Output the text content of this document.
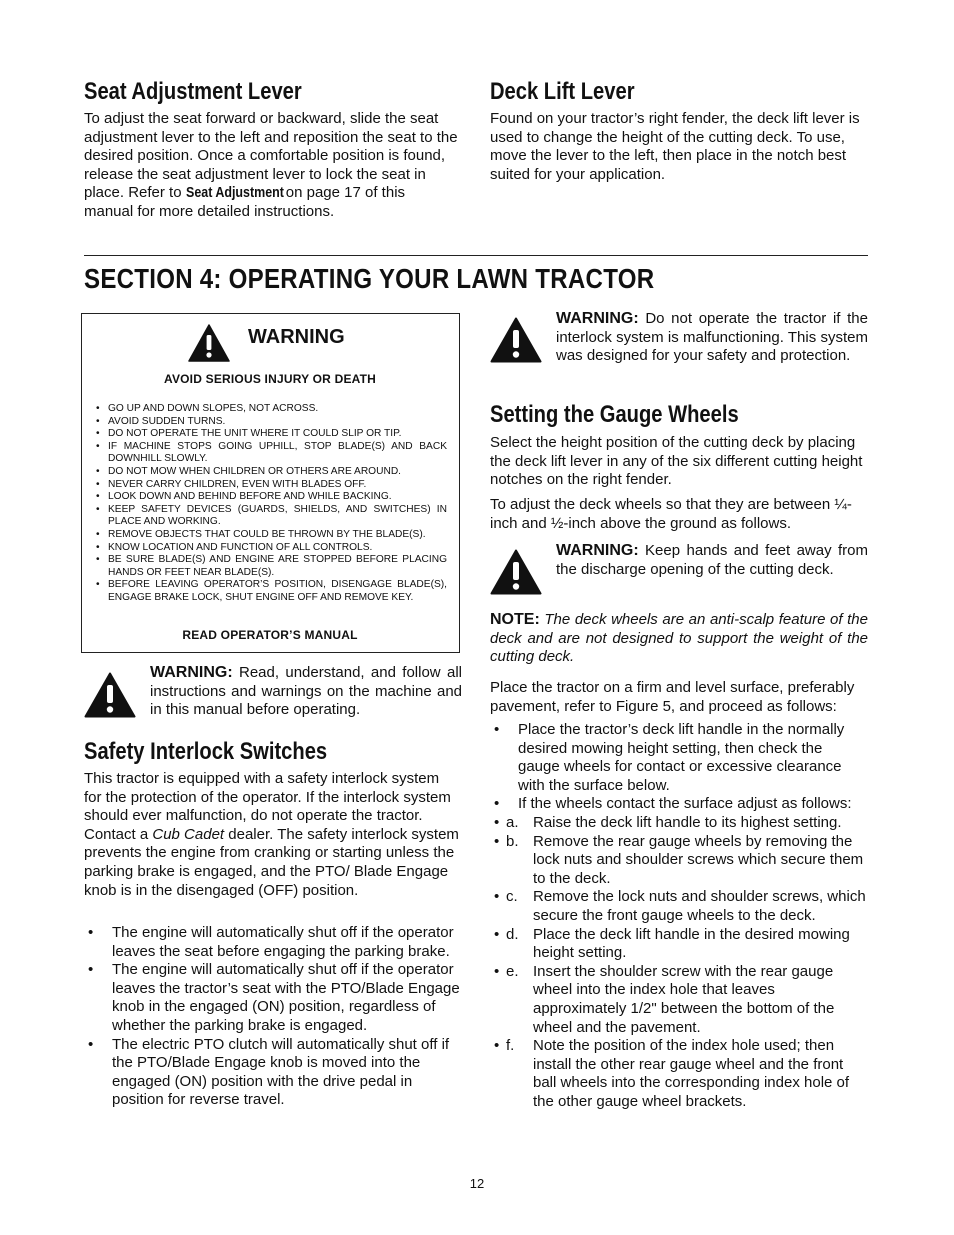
Seat Adjustment Lever

To adjust the seat forward or backward, slide the seat adjustment lever to the left and reposition the seat to the desired position. Once a comfortable position is found, release the seat adjustment lever to lock the seat in place. Refer to Seat Adjustment on page 17 of this manual for more detailed instructions.

Deck Lift Lever

Found on your tractor’s right fender, the deck lift lever is used to change the height of the cutting deck. To use, move the lever to the left, then place in the notch best suited for your application.

SECTION 4: OPERATING YOUR LAWN TRACTOR
WARNING
AVOID SERIOUS INJURY OR DEATH
• GO UP AND DOWN SLOPES, NOT ACROSS.
• AVOID SUDDEN TURNS.
• DO NOT OPERATE THE UNIT WHERE IT COULD SLIP OR TIP.
• IF MACHINE STOPS GOING UPHILL, STOP BLADE(S) AND BACK DOWNHILL SLOWLY.
• DO NOT MOW WHEN CHILDREN OR OTHERS ARE AROUND.
• NEVER CARRY CHILDREN, EVEN WITH BLADES OFF.
• LOOK DOWN AND BEHIND BEFORE AND WHILE BACKING.
• KEEP SAFETY DEVICES (GUARDS, SHIELDS, AND SWITCHES) IN PLACE AND WORKING.
• REMOVE OBJECTS THAT COULD BE THROWN BY THE BLADE(S).
• KNOW LOCATION AND FUNCTION OF ALL CONTROLS.
• BE SURE BLADE(S) AND ENGINE ARE STOPPED BEFORE PLACING HANDS OR FEET NEAR BLADE(S).
• BEFORE LEAVING OPERATOR’S POSITION, DISENGAGE BLADE(S), ENGAGE BRAKE LOCK, SHUT ENGINE OFF AND REMOVE KEY.
READ OPERATOR’S MANUAL

WARNING: Read, understand, and follow all instructions and warnings on the machine and in this manual before operating.

Safety Interlock Switches

This tractor is equipped with a safety interlock system for the protection of the operator. If the interlock system should ever malfunction, do not operate the tractor. Contact a Cub Cadet dealer. The safety interlock system prevents the engine from cranking or starting unless the parking brake is engaged, and the PTO/ Blade Engage knob is in the disengaged (OFF) position.

• The engine will automatically shut off if the operator leaves the seat before engaging the parking brake.
• The engine will automatically shut off if the operator leaves the tractor’s seat with the PTO/Blade Engage knob in the engaged (ON) position, regardless of whether the parking brake is engaged.
• The electric PTO clutch will automatically shut off if the PTO/Blade Engage knob is moved into the engaged (ON) position with the drive pedal in position for reverse travel.

WARNING: Do not operate the tractor if the interlock system is malfunctioning. This system was designed for your safety and protection.

Setting the Gauge Wheels

Select the height position of the cutting deck by placing the deck lift lever in any of the six different cutting height notches on the right fender.

To adjust the deck wheels so that they are between ¼-inch and ½-inch above the ground as follows.

WARNING: Keep hands and feet away from the discharge opening of the cutting deck.

NOTE: The deck wheels are an anti-scalp feature of the deck and are not designed to support the weight of the cutting deck.

Place the tractor on a firm and level surface, preferably pavement, refer to Figure 5, and proceed as follows:

• Place the tractor’s deck lift handle in the normally desired mowing height setting, then check the gauge wheels for contact or excessive clearance with the surface below.
• If the wheels contact the surface adjust as follows:
• a. Raise the deck lift handle to its highest setting.
• b. Remove the rear gauge wheels by removing the lock nuts and shoulder screws which secure them to the deck.
• c. Remove the lock nuts and shoulder screws, which secure the front gauge wheels to the deck.
• d. Place the deck lift handle in the desired mowing height setting.
• e. Insert the shoulder screw with the rear gauge wheel into the index hole that leaves approximately 1/2" between the bottom of the wheel and the pavement.
• f. Note the position of the index hole used; then install the other rear gauge wheel and the front ball wheels into the corresponding index hole of the other gauge wheel brackets.
12
